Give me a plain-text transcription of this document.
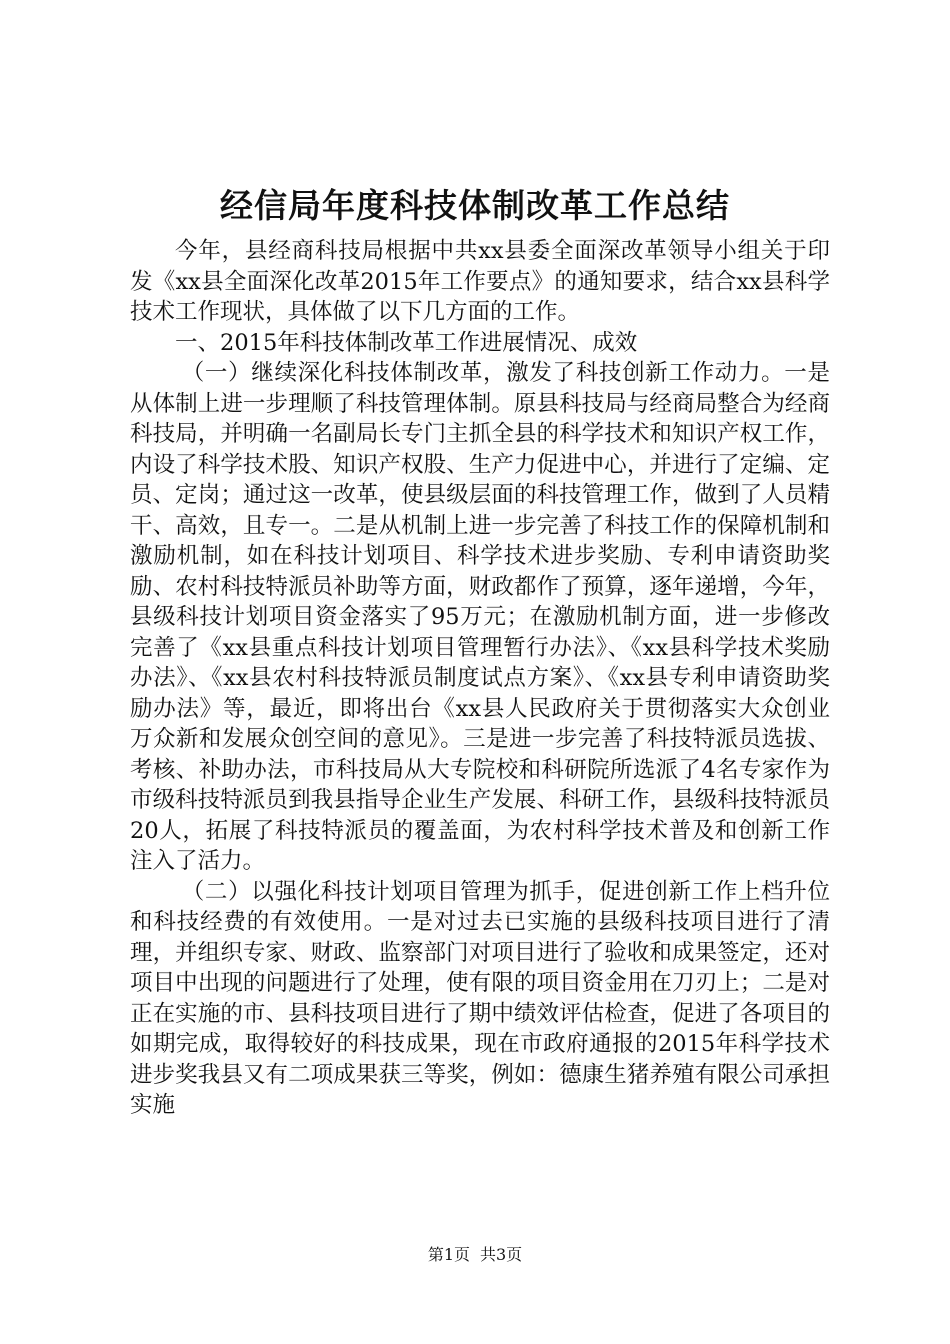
经信局年度科技体制改革工作总结

今年，县经商科技局根据中共xx县委全面深改革领导小组关于印发《xx县全面深化改革2015年工作要点》的通知要求，结合xx县科学技术工作现状，具体做了以下几方面的工作。

一、2015年科技体制改革工作进展情况、成效

（一）继续深化科技体制改革，激发了科技创新工作动力。一是从体制上进一步理顺了科技管理体制。原县科技局与经商局整合为经商科技局，并明确一名副局长专门主抓全县的科学技术和知识产权工作，内设了科学技术股、知识产权股、生产力促进中心，并进行了定编、定员、定岗；通过这一改革，使县级层面的科技管理工作，做到了人员精干、高效，且专一。二是从机制上进一步完善了科技工作的保障机制和激励机制，如在科技计划项目、科学技术进步奖励、专利申请资助奖励、农村科技特派员补助等方面，财政都作了预算，逐年递增，今年，县级科技计划项目资金落实了95万元；在激励机制方面，进一步修改完善了《xx县重点科技计划项目管理暂行办法》、《xx县科学技术奖励办法》、《xx县农村科技特派员制度试点方案》、《xx县专利申请资助奖励办法》等，最近，即将出台《xx县人民政府关于贯彻落实大众创业万众新和发展众创空间的意见》。三是进一步完善了科技特派员选拔、考核、补助办法，市科技局从大专院校和科研院所选派了4名专家作为市级科技特派员到我县指导企业生产发展、科研工作，县级科技特派员20人，拓展了科技特派员的覆盖面，为农村科学技术普及和创新工作注入了活力。

（二）以强化科技计划项目管理为抓手，促进创新工作上档升位和科技经费的有效使用。一是对过去已实施的县级科技项目进行了清理，并组织专家、财政、监察部门对项目进行了验收和成果签定，还对项目中出现的问题进行了处理，使有限的项目资金用在刀刃上；二是对正在实施的市、县科技项目进行了期中绩效评估检查，促进了各项目的如期完成，取得较好的科技成果，现在市政府通报的2015年科学技术进步奖我县又有二项成果获三等奖，例如：德康生猪养殖有限公司承担实施

第1页 共3页
